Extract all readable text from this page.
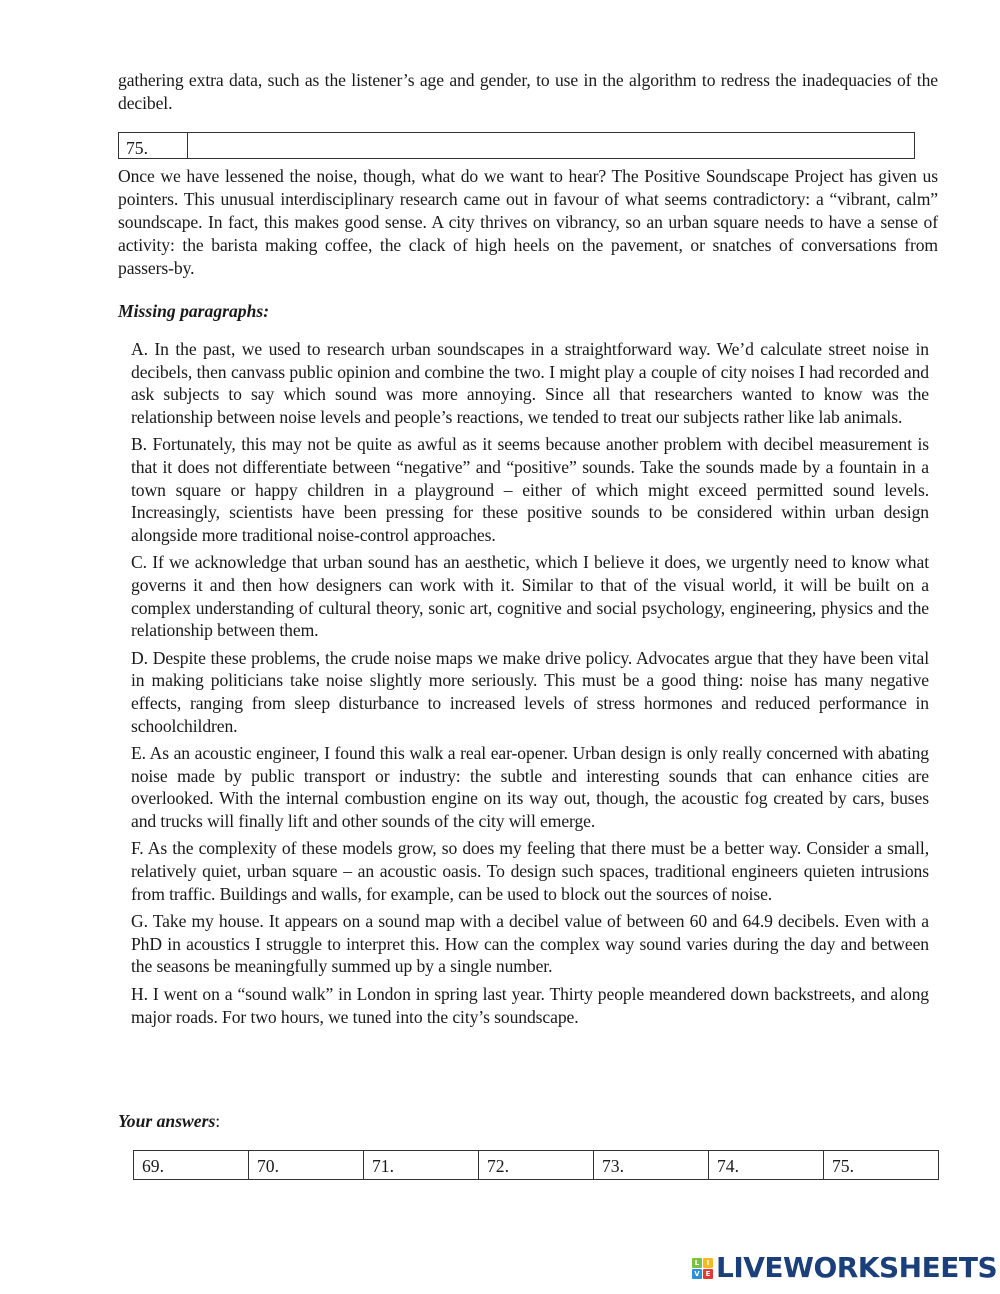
gathering extra data, such as the listener’s age and gender, to use in the algorithm to redress the inadequacies of the decibel.

75.

Once we have lessened the noise, though, what do we want to hear? The Positive Soundscape Project has given us pointers. This unusual interdisciplinary research came out in favour of what seems contradictory: a “vibrant, calm” soundscape. In fact, this makes good sense. A city thrives on vibrancy, so an urban square needs to have a sense of activity: the barista making coffee, the clack of high heels on the pavement, or snatches of conversations from passers-by.

Missing paragraphs:

A. In the past, we used to research urban soundscapes in a straightforward way. We’d calculate street noise in decibels, then canvass public opinion and combine the two. I might play a couple of city noises I had recorded and ask subjects to say which sound was more annoying. Since all that researchers wanted to know was the relationship between noise levels and people’s reactions, we tended to treat our subjects rather like lab animals.

B. Fortunately, this may not be quite as awful as it seems because another problem with decibel measurement is that it does not differentiate between “negative” and “positive” sounds. Take the sounds made by a fountain in a town square or happy children in a playground – either of which might exceed permitted sound levels. Increasingly, scientists have been pressing for these positive sounds to be considered within urban design alongside more traditional noise-control approaches.

C. If we acknowledge that urban sound has an aesthetic, which I believe it does, we urgently need to know what governs it and then how designers can work with it. Similar to that of the visual world, it will be built on a complex understanding of cultural theory, sonic art, cognitive and social psychology, engineering, physics and the relationship between them.

D. Despite these problems, the crude noise maps we make drive policy. Advocates argue that they have been vital in making politicians take noise slightly more seriously. This must be a good thing: noise has many negative effects, ranging from sleep disturbance to increased levels of stress hormones and reduced performance in schoolchildren.

E. As an acoustic engineer, I found this walk a real ear-opener. Urban design is only really concerned with abating noise made by public transport or industry: the subtle and interesting sounds that can enhance cities are overlooked. With the internal combustion engine on its way out, though, the acoustic fog created by cars, buses and trucks will finally lift and other sounds of the city will emerge.

F. As the complexity of these models grow, so does my feeling that there must be a better way. Consider a small, relatively quiet, urban square – an acoustic oasis. To design such spaces, traditional engineers quieten intrusions from traffic. Buildings and walls, for example, can be used to block out the sources of noise.

G. Take my house. It appears on a sound map with a decibel value of between 60 and 64.9 decibels. Even with a PhD in acoustics I struggle to interpret this. How can the complex way sound varies during the day and between the seasons be meaningfully summed up by a single number.

H. I went on a “sound walk” in London in spring last year. Thirty people meandered down backstreets, and along major roads. For two hours, we tuned into the city’s soundscape.

Your answers:
69.	70.	71.	72.	73.	74.	75.
L	I
V E LIVEWORKSHEETS
